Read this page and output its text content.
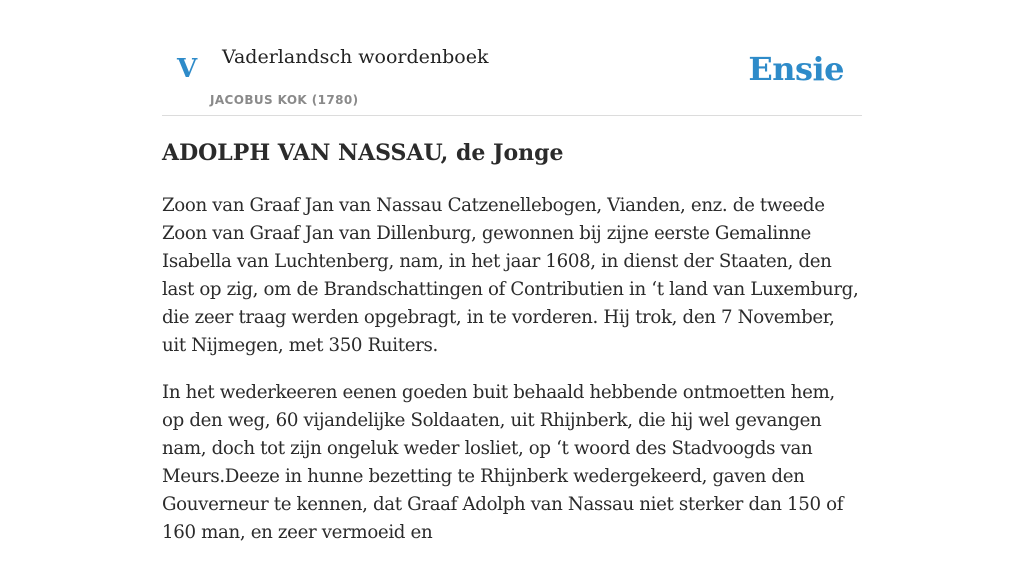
V Vaderlandsch woordenboek
JACOBUS KOK (1780)
Ensie
ADOLPH VAN NASSAU, de Jonge

Zoon van Graaf Jan van Nassau Catzenellebogen, Vianden, enz. de tweede Zoon van Graaf Jan van Dillenburg, gewonnen bij zijne eerste Gemalinne Isabella van Luchtenberg, nam, in het jaar 1608, in dienst der Staaten, den last op zig, om de Brandschattingen of Contributien in ‘t land van Luxemburg, die zeer traag werden opgebragt, in te vorderen. Hij trok, den 7 November, uit Nijmegen, met 350 Ruiters.

In het wederkeeren eenen goeden buit behaald hebbende ontmoetten hem, op den weg, 60 vijandelijke Soldaaten, uit Rhijnberk, die hij wel gevangen nam, doch tot zijn ongeluk weder losliet, op ‘t woord des Stadvoogds van Meurs.Deeze in hunne bezetting te Rhijnberk wedergekeerd, gaven den Gouverneur te kennen, dat Graaf Adolph van Nassau niet sterker dan 150 of 160 man, en zeer vermoeid en
